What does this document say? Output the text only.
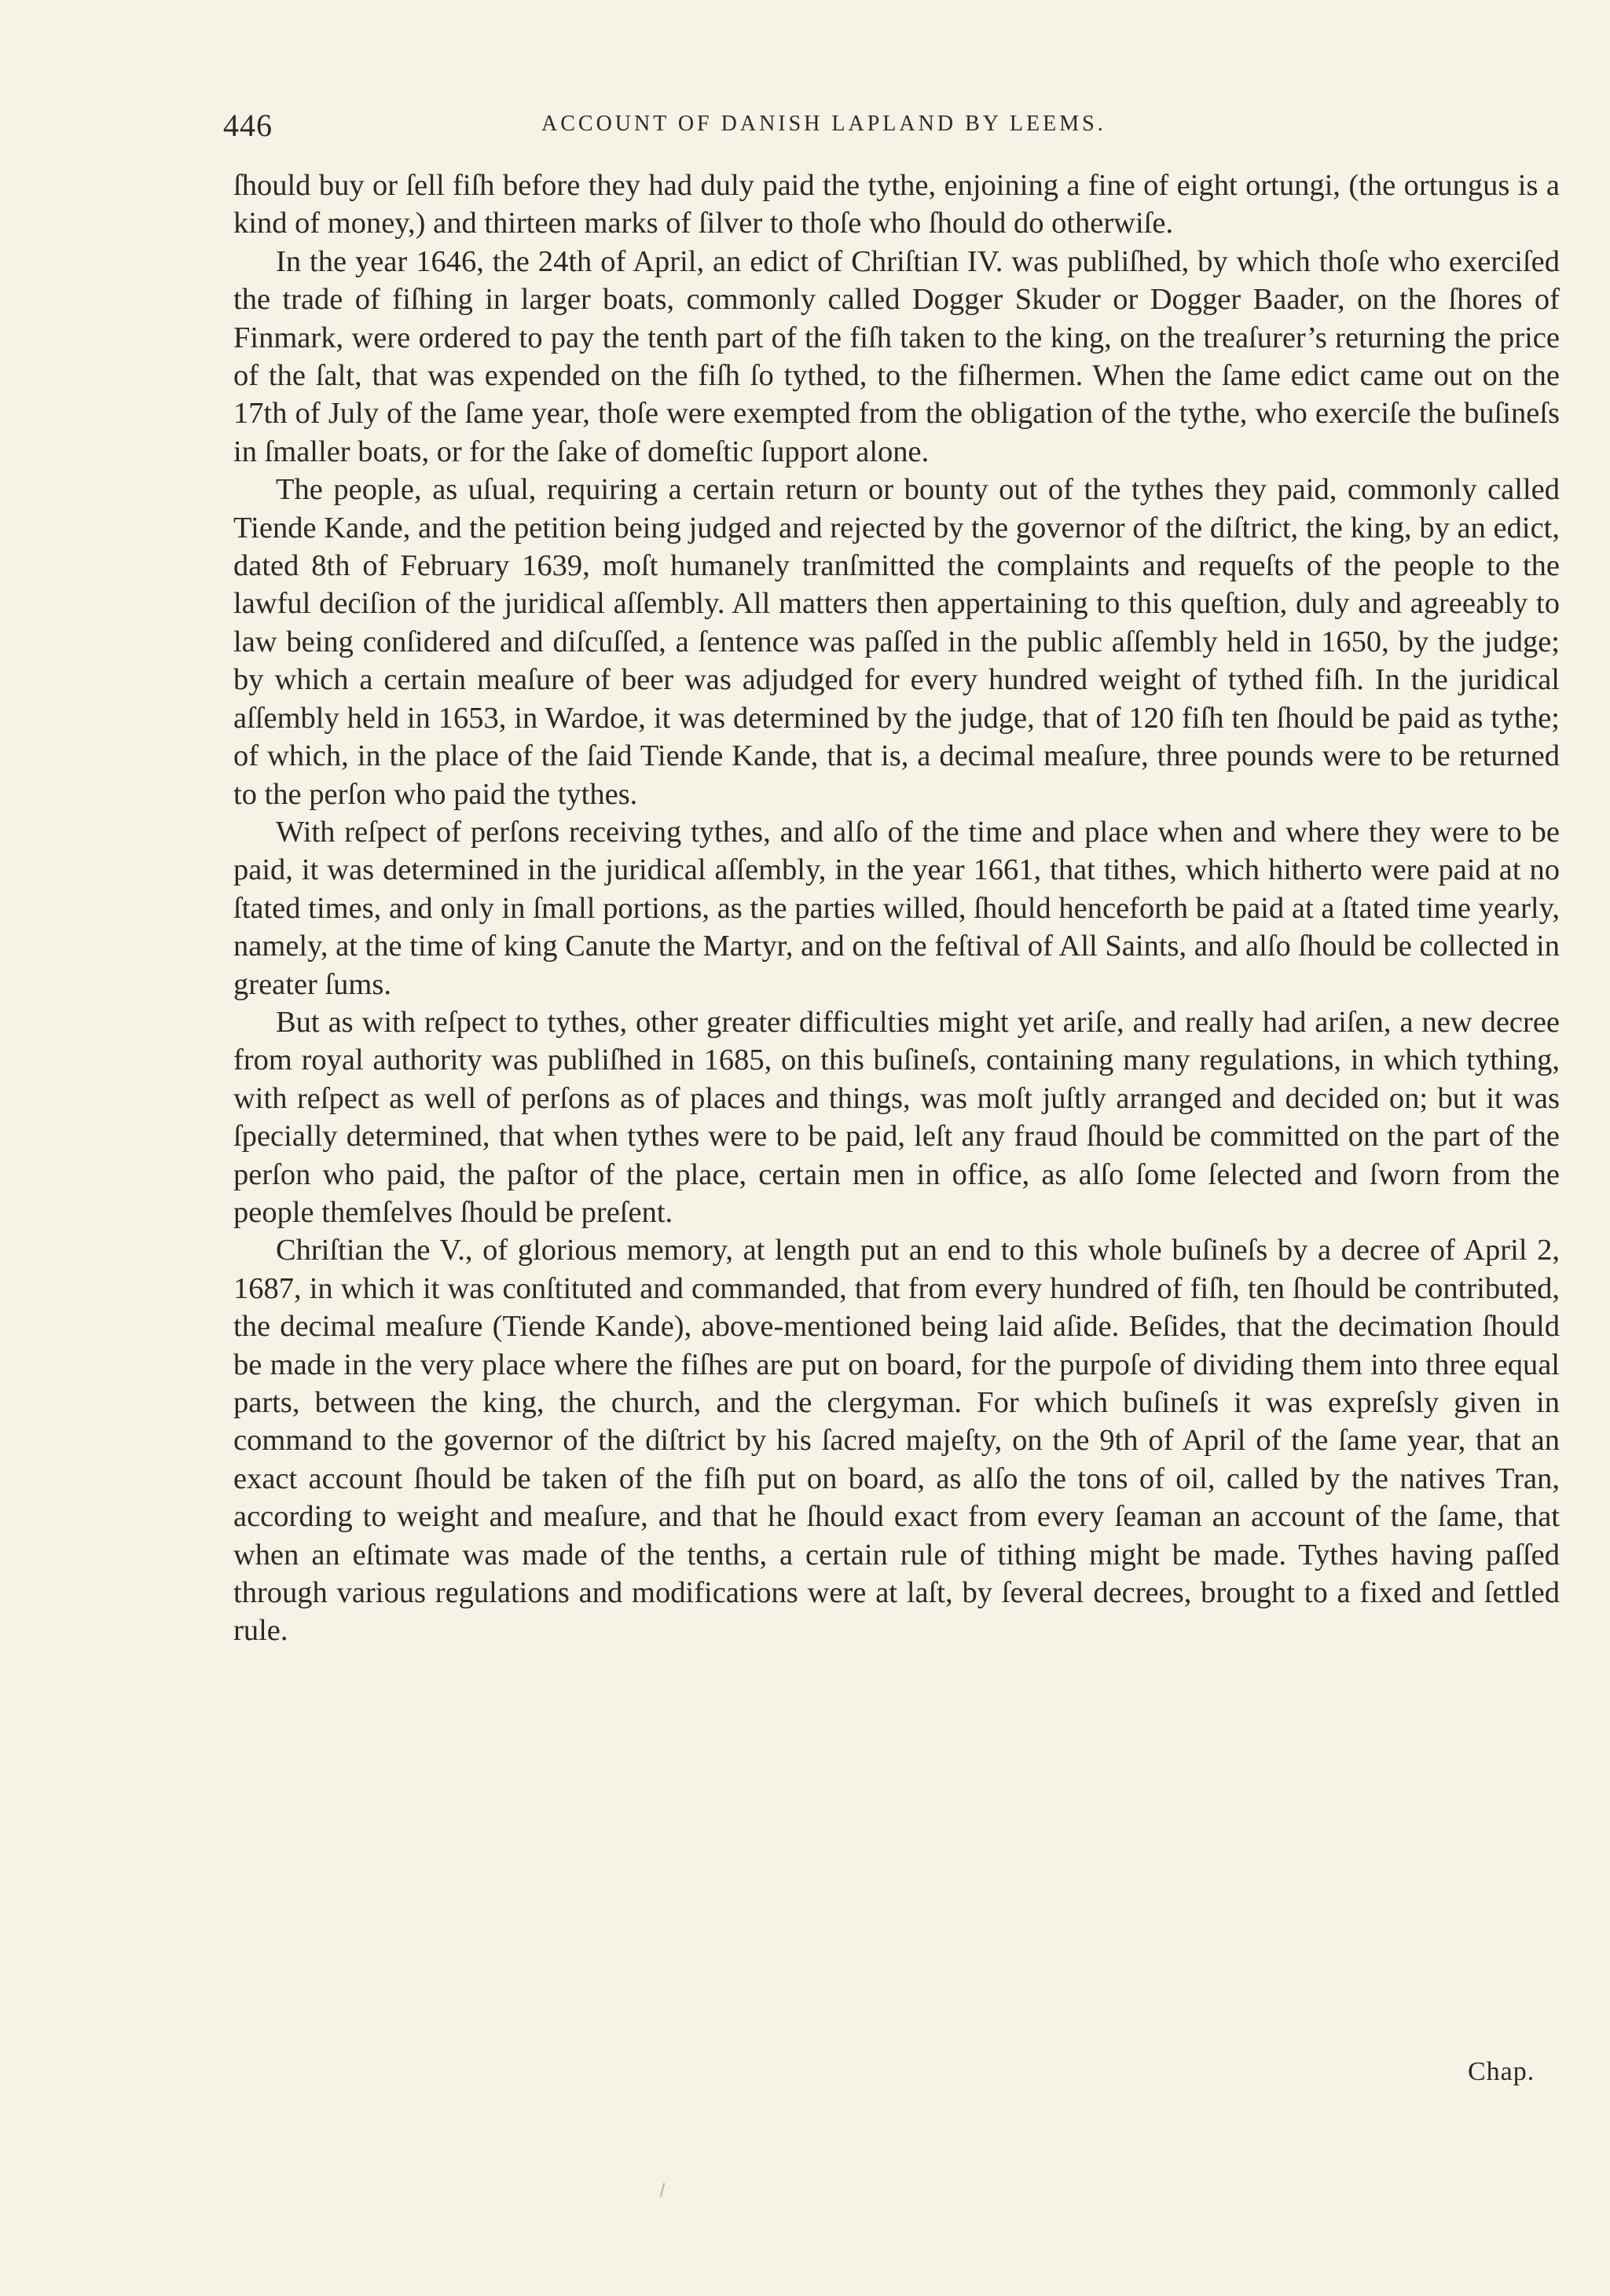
446	ACCOUNT OF DANISH LAPLAND BY LEEMS.

ſhould buy or ſell fiſh before they had duly paid the tythe, enjoining a fine of eight ortungi, (the ortungus is a kind of money,) and thirteen marks of ſilver to thoſe who ſhould do otherwiſe.

In the year 1646, the 24th of April, an edict of Chriſtian IV. was publiſhed, by which thoſe who exerciſed the trade of fiſhing in larger boats, commonly called Dogger Skuder or Dogger Baader, on the ſhores of Finmark, were ordered to pay the tenth part of the fiſh taken to the king, on the treaſurer’s returning the price of the ſalt, that was expended on the fiſh ſo tythed, to the fiſhermen. When the ſame edict came out on the 17th of July of the ſame year, thoſe were exempted from the obligation of the tythe, who exerciſe the buſineſs in ſmaller boats, or for the ſake of domeſtic ſupport alone.

The people, as uſual, requiring a certain return or bounty out of the tythes they paid, commonly called Tiende Kande, and the petition being judged and rejected by the governor of the diſtrict, the king, by an edict, dated 8th of February 1639, moſt humanely tranſmitted the complaints and requeſts of the people to the lawful deciſion of the juridical aſſembly. All matters then appertaining to this queſtion, duly and agreeably to law being conſidered and diſcuſſed, a ſentence was paſſed in the public aſſembly held in 1650, by the judge; by which a certain meaſure of beer was adjudged for every hundred weight of tythed fiſh. In the juridical aſſembly held in 1653, in Wardoe, it was determined by the judge, that of 120 fiſh ten ſhould be paid as tythe; of which, in the place of the ſaid Tiende Kande, that is, a decimal meaſure, three pounds were to be returned to the perſon who paid the tythes.

With reſpect of perſons receiving tythes, and alſo of the time and place when and where they were to be paid, it was determined in the juridical aſſembly, in the year 1661, that tithes, which hitherto were paid at no ſtated times, and only in ſmall portions, as the parties willed, ſhould henceforth be paid at a ſtated time yearly, namely, at the time of king Canute the Martyr, and on the feſtival of All Saints, and alſo ſhould be collected in greater ſums.

But as with reſpect to tythes, other greater difficulties might yet ariſe, and really had ariſen, a new decree from royal authority was publiſhed in 1685, on this buſineſs, containing many regulations, in which tything, with reſpect as well of perſons as of places and things, was moſt juſtly arranged and decided on; but it was ſpecially determined, that when tythes were to be paid, leſt any fraud ſhould be committed on the part of the perſon who paid, the paſtor of the place, certain men in office, as alſo ſome ſelected and ſworn from the people themſelves ſhould be preſent.

Chriſtian the V., of glorious memory, at length put an end to this whole buſineſs by a decree of April 2, 1687, in which it was conſtituted and commanded, that from every hundred of fiſh, ten ſhould be contributed, the decimal meaſure (Tiende Kande), above-mentioned being laid aſide. Beſides, that the decimation ſhould be made in the very place where the fiſhes are put on board, for the purpoſe of dividing them into three equal parts, between the king, the church, and the clergyman. For which buſineſs it was expreſsly given in command to the governor of the diſtrict by his ſacred majeſty, on the 9th of April of the ſame year, that an exact account ſhould be taken of the fiſh put on board, as alſo the tons of oil, called by the natives Tran, according to weight and meaſure, and that he ſhould exact from every ſeaman an account of the ſame, that when an eſtimate was made of the tenths, a certain rule of tithing might be made. Tythes having paſſed through various regulations and modifications were at laſt, by ſeveral decrees, brought to a fixed and ſettled rule.

Chap.
